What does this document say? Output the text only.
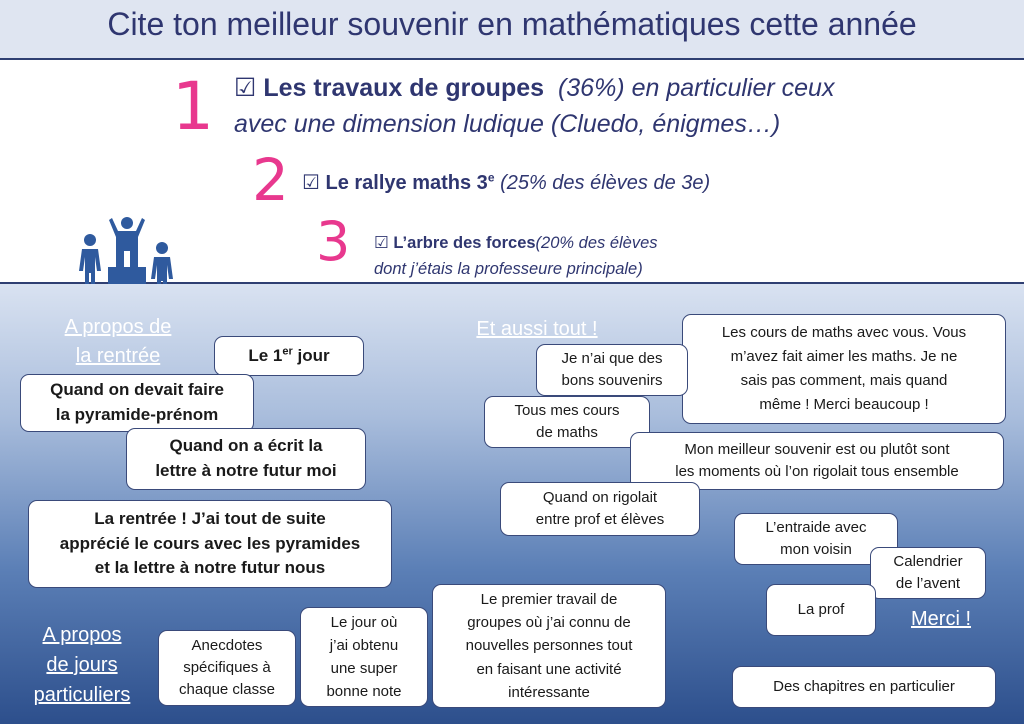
Cite ton meilleur souvenir en mathématiques cette année
1 ☑ Les travaux de groupes (36%) en particulier ceux
avec une dimension ludique (Cluedo, énigmes…)
2 ☑ Le rallye maths 3e (25% des élèves de 3e)
3 ☑ L’arbre des forces(20% des élèves
dont j’étais la professeure principale)
A propos de
la rentrée
Et aussi tout !
A propos
de jours
particuliers
Merci !
Le 1er jour
Quand on devait faire
la pyramide-prénom
Quand on a écrit la
lettre à notre futur moi
La rentrée ! J’ai tout de suite
apprécié le cours avec les pyramides
et la lettre à notre futur nous
Anecdotes
spécifiques à
chaque classe
Le jour où
j’ai obtenu
une super
bonne note
Le premier travail de
groupes où j’ai connu de
nouvelles personnes tout
en faisant une activité
intéressante
Les cours de maths avec vous. Vous
m’avez fait aimer les maths. Je ne
sais pas comment, mais quand
même ! Merci beaucoup !
Je n’ai que des
bons souvenirs
Tous mes cours
de maths
Mon meilleur souvenir est ou plutôt sont
les moments où l’on rigolait tous ensemble
Quand on rigolait
entre prof et élèves	L’entraide avec
mon voisin
Calendrier
de l’avent
La prof
Des chapitres en particulier
